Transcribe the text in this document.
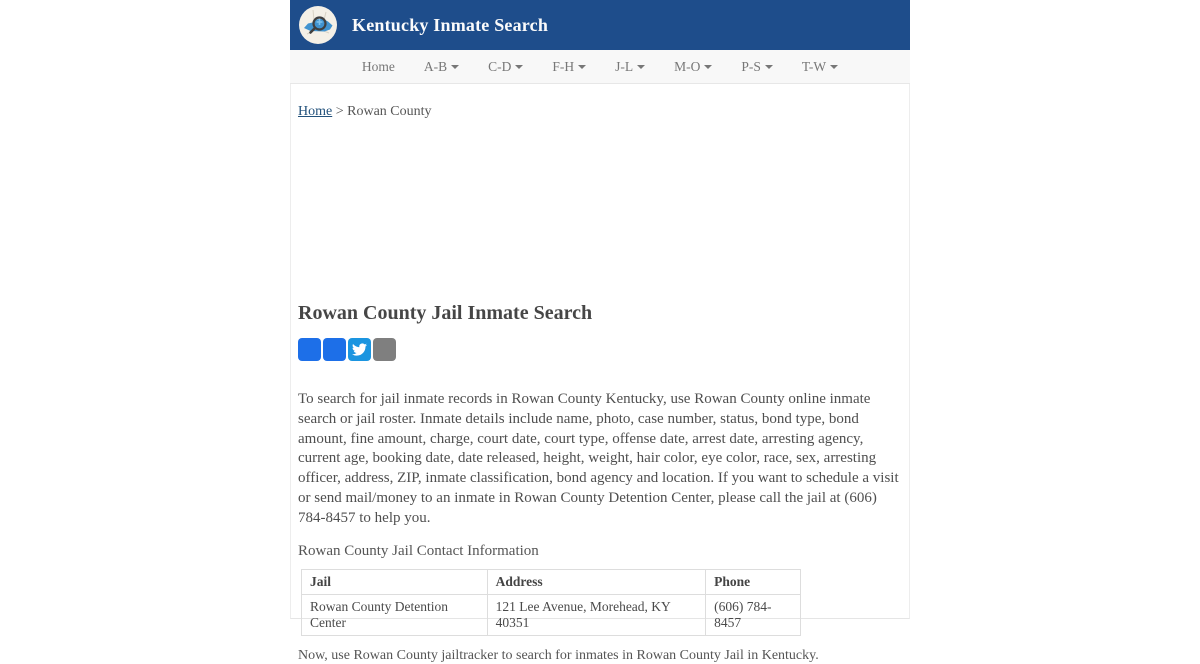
Kentucky Inmate Search
Home	A-B	C-D	F-H	J-L	M-O	P-S	T-W
Home > Rowan County
Rowan County Jail Inmate Search

To search for jail inmate records in Rowan County Kentucky, use Rowan County online inmate search or jail roster. Inmate details include name, photo, case number, status, bond type, bond amount, fine amount, charge, court date, court type, offense date, arrest date, arresting agency, current age, booking date, date released, height, weight, hair color, eye color, race, sex, arresting officer, address, ZIP, inmate classification, bond agency and location. If you want to schedule a visit or send mail/money to an inmate in Rowan County Detention Center, please call the jail at (606) 784-8457 to help you.

Rowan County Jail Contact Information
Jail	Address	Phone
Rowan County Detention Center	121 Lee Avenue, Morehead, KY 40351	(606) 784-8457

Now, use Rowan County jailtracker to search for inmates in Rowan County Jail in Kentucky.
